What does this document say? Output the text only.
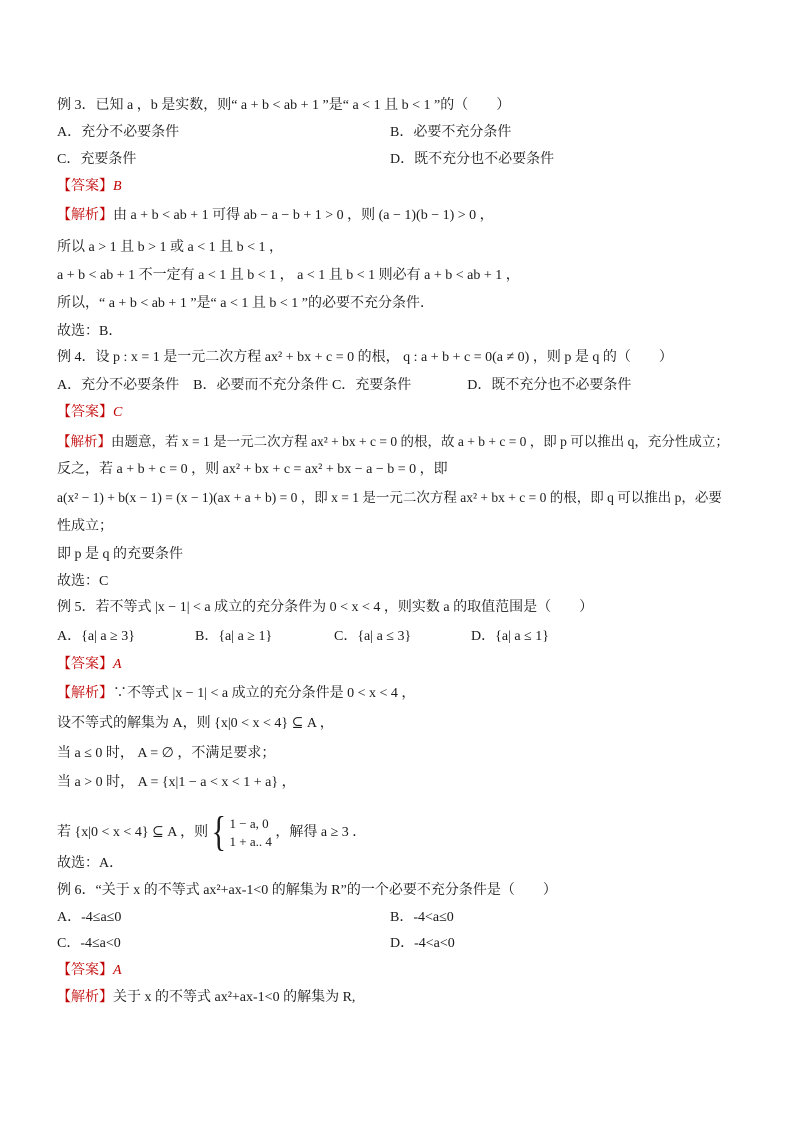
例 3．已知 a ，b 是实数，则“ a + b < ab + 1 ”是“ a < 1 且 b < 1 ”的（　　）
A．充分不必要条件	B．必要不充分条件
C．充要条件	D．既不充分也不必要条件
【答案】B
【解析】由 a + b < ab + 1 可得 ab − a − b + 1 > 0 ，则 (a − 1)(b − 1) > 0 ，
所以 a > 1 且 b > 1 或 a < 1 且 b < 1 ，
a + b < ab + 1 不一定有 a < 1 且 b < 1 ， a < 1 且 b < 1 则必有 a + b < ab + 1 ，
所以，“ a + b < ab + 1 ”是“ a < 1 且 b < 1 ”的必要不充分条件．
故选：B．
例 4．设 p : x = 1 是一元二次方程 ax² + bx + c = 0 的根， q : a + b + c = 0(a ≠ 0) ，则 p 是 q 的（　　）
A．充分不必要条件　B．必要而不充分条件 C．充要条件　　　　D．既不充分也不必要条件
【答案】C
【解析】由题意，若 x = 1 是一元二次方程 ax² + bx + c = 0 的根，故 a + b + c = 0 ，即 p 可以推出 q，充分性成立；
反之，若 a + b + c = 0 ，则 ax² + bx + c = ax² + bx − a − b = 0 ，即
a(x² − 1) + b(x − 1) = (x − 1)(ax + a + b) = 0 ，即 x = 1 是一元二次方程 ax² + bx + c = 0 的根，即 q 可以推出 p，必要
性成立；
即 p 是 q 的充要条件
故选：C
例 5．若不等式 |x − 1| < a 成立的充分条件为 0 < x < 4 ，则实数 a 的取值范围是（　　）
A．{a| a ≥ 3}	B．{a| a ≥ 1}	C．{a| a ≤ 3}	D．{a| a ≤ 1}
【答案】A
【解析】∵不等式 |x − 1| < a 成立的充分条件是 0 < x < 4 ，
设不等式的解集为 A，则 {x|0 < x < 4} ⊆ A ，
当 a ≤ 0 时， A = ∅ ，不满足要求；
当 a > 0 时， A = {x|1 − a < x < 1 + a} ，
若 {x|0 < x < 4} ⊆ A ，则 { 1 − a, 0
1 + a.. 4
，解得 a ≥ 3 ．
故选：A．
例 6．“关于 x 的不等式 ax²+ax-1<0 的解集为 R”的一个必要不充分条件是（　　）
A．-4≤a≤0	B．-4<a≤0
C．-4≤a<0	D．-4<a<0
【答案】A
【解析】关于 x 的不等式 ax²+ax-1<0 的解集为 R,
